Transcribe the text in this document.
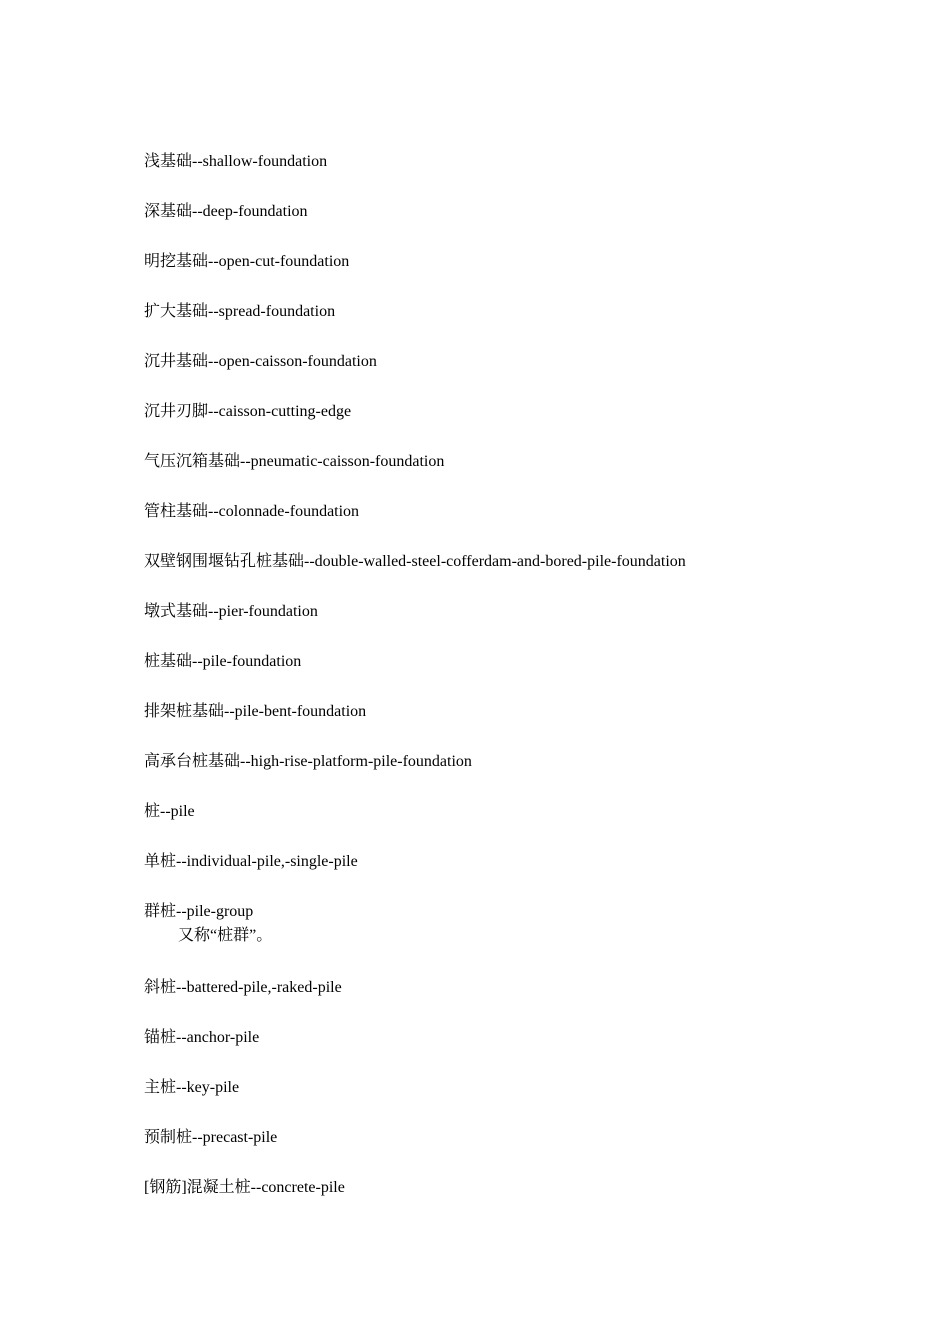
浅基础--shallow-foundation
深基础--deep-foundation
明挖基础--open-cut-foundation
扩大基础--spread-foundation
沉井基础--open-caisson-foundation
沉井刃脚--caisson-cutting-edge
气压沉箱基础--pneumatic-caisson-foundation
管柱基础--colonnade-foundation
双壁钢围堰钻孔桩基础--double-walled-steel-cofferdam-and-bored-pile-foundation
墩式基础--pier-foundation
桩基础--pile-foundation
排架桩基础--pile-bent-foundation
高承台桩基础--high-rise-platform-pile-foundation
桩--pile
单桩--individual-pile,-single-pile
群桩--pile-group
又称“桩群”。
斜桩--battered-pile,-raked-pile
锚桩--anchor-pile
主桩--key-pile
预制桩--precast-pile
[钢筋]混凝土桩--concrete-pile
